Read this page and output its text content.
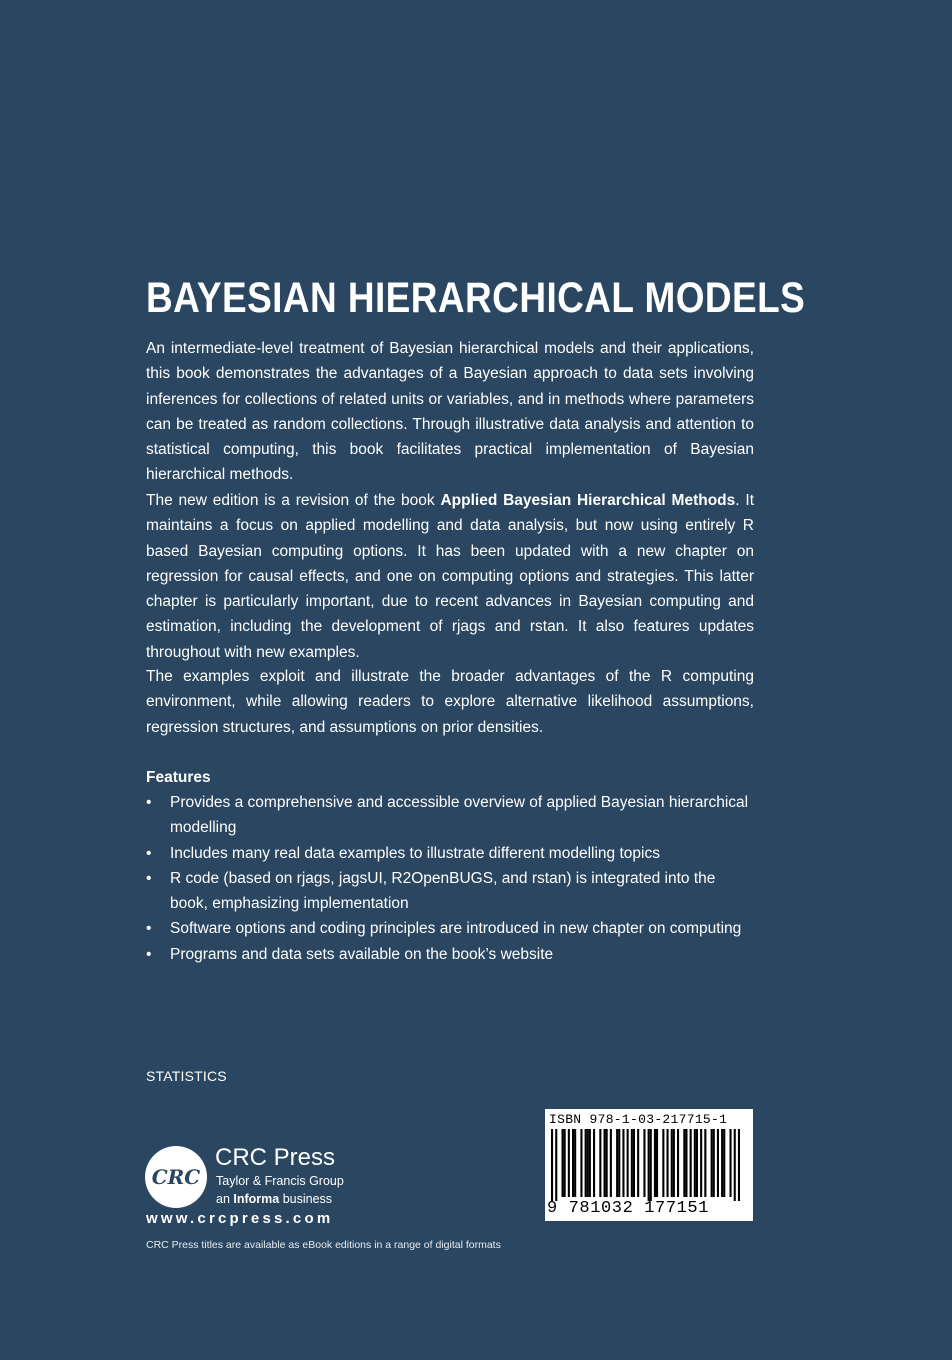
BAYESIAN HIERARCHICAL MODELS

An intermediate-level treatment of Bayesian hierarchical models and their applications, this book demonstrates the advantages of a Bayesian approach to data sets involving inferences for collections of related units or variables, and in methods where parameters can be treated as random collections. Through illustrative data analysis and attention to statistical computing, this book facilitates practical implementation of Bayesian hierarchical methods.

The new edition is a revision of the book Applied Bayesian Hierarchical Methods. It maintains a focus on applied modelling and data analysis, but now using entirely R based Bayesian computing options. It has been updated with a new chapter on regression for causal effects, and one on computing options and strategies. This latter chapter is particularly important, due to recent advances in Bayesian computing and estimation, including the development of rjags and rstan. It also features updates throughout with new examples.

The examples exploit and illustrate the broader advantages of the R computing environment, while allowing readers to explore alternative likelihood assumptions, regression structures, and assumptions on prior densities.

Features

• Provides a comprehensive and accessible overview of applied Bayesian hierarchical modelling
• Includes many real data examples to illustrate different modelling topics
• R code (based on rjags, jagsUI, R2OpenBUGS, and rstan) is integrated into the book, emphasizing implementation
• Software options and coding principles are introduced in new chapter on computing
• Programs and data sets available on the book’s website
STATISTICS
CRC
CRC Press
Taylor & Francis Group
an Informa business
www.crcpress.com
CRC Press titles are available as eBook editions in a range of digital formats
ISBN 978-1-03-217715-1
9 781032 177151
